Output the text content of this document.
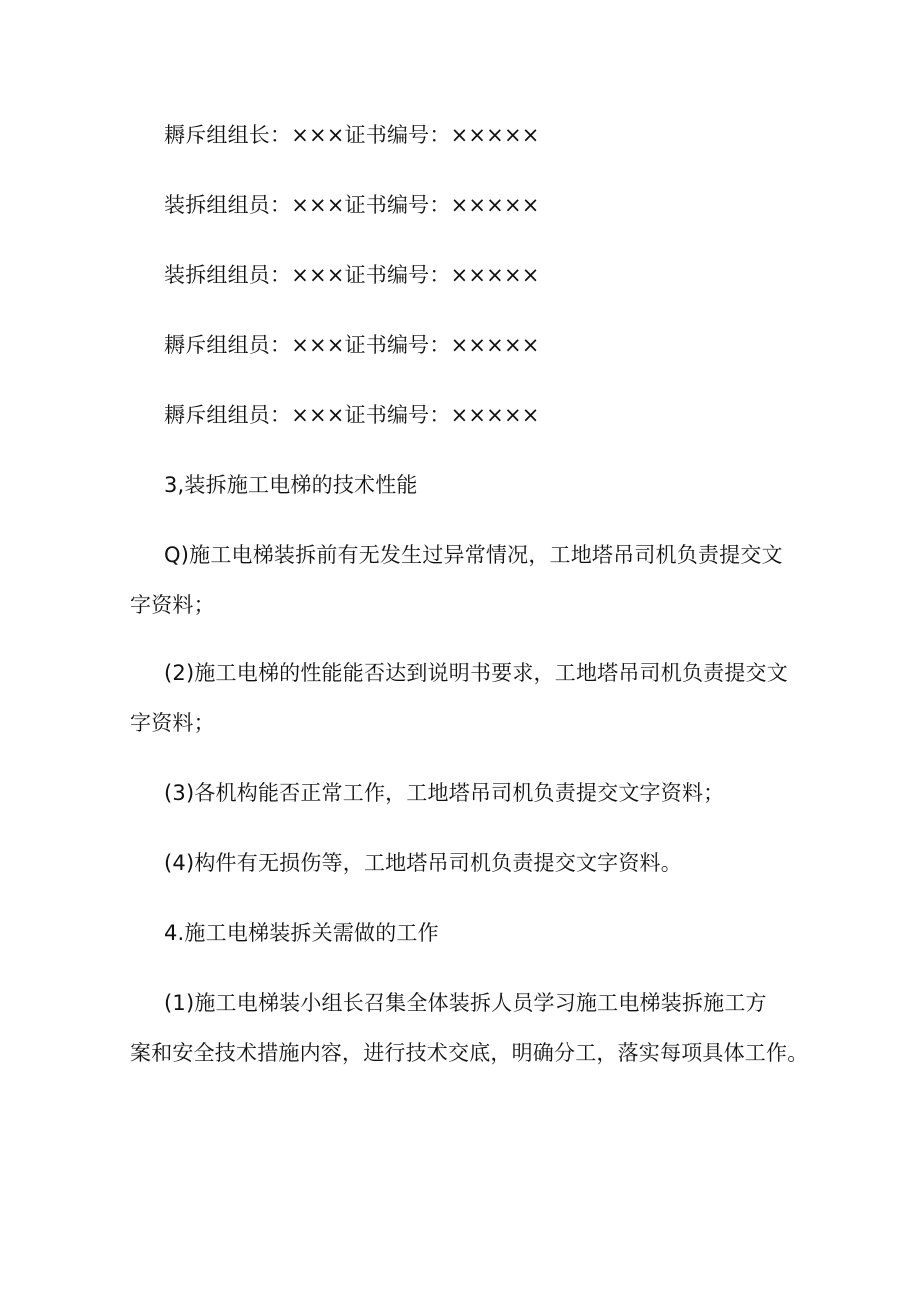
耨斥组组长：×××证书编号：×××××
装拆组组员：×××证书编号：×××××
装拆组组员：×××证书编号：×××××
耨斥组组员：×××证书编号：×××××
耨斥组组员：×××证书编号：×××××
3,装拆施工电梯的技术性能
Q)施工电梯装拆前有无发生过异常情况，工地塔吊司机负责提交文
字资料；
(2)施工电梯的性能能否达到说明书要求，工地塔吊司机负责提交文
字资料；
(3)各机构能否正常工作，工地塔吊司机负责提交文字资料；
(4)构件有无损伤等，工地塔吊司机负责提交文字资料。
4.施工电梯装拆关需做的工作
(1)施工电梯装小组长召集全体装拆人员学习施工电梯装拆施工方
案和安全技术措施内容，进行技术交底，明确分工，落实每项具体工作。
